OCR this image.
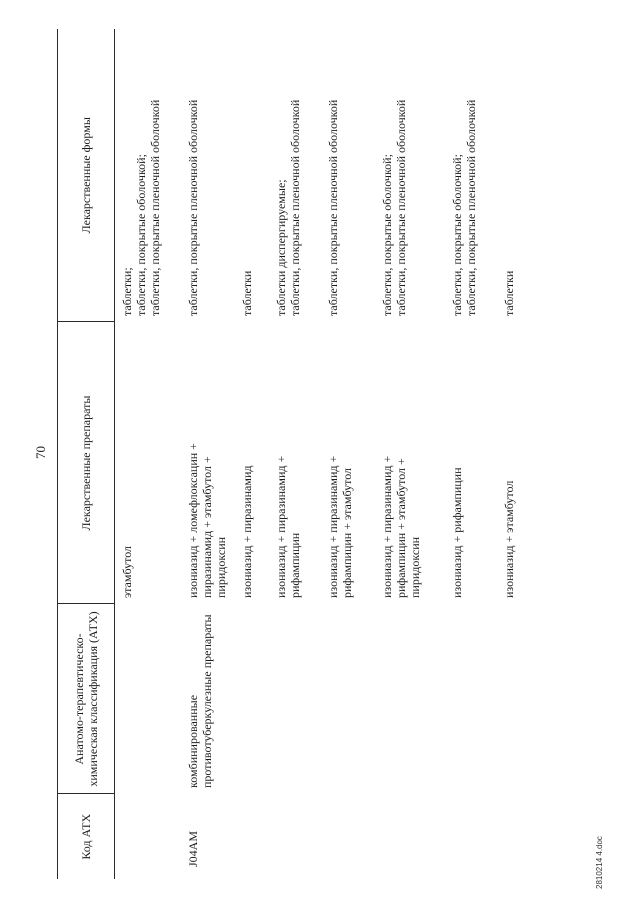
70
Код АТХ	Анатомо-терапевтическо-химическая классификация (АТХ)	Лекарственные препараты	Лекарственные формы

		этамбутол	таблетки; таблетки, покрытые оболочкой; таблетки, покрытые пленочной оболочкой

J04AM	комбинированные противотуберкулезные препараты	изониазид + ломефлоксацин + пиразинамид + этамбутол + пиридоксин	таблетки, покрытые пленочной оболочкой

		изониазид + пиразинамид	таблетки

		изониазид + пиразинамид + рифампицин	таблетки диспергируемые; таблетки, покрытые пленочной оболочкой

		изониазид + пиразинамид + рифампицин + этамбутол	таблетки, покрытые пленочной оболочкой

		изониазид + пиразинамид + рифампицин + этамбутол + пиридоксин	таблетки, покрытые оболочкой; таблетки, покрытые пленочной оболочкой

		изониазид + рифампицин	таблетки, покрытые оболочкой; таблетки, покрытые пленочной оболочкой

		изониазид + этамбутол	таблетки
2810214 4.doc
